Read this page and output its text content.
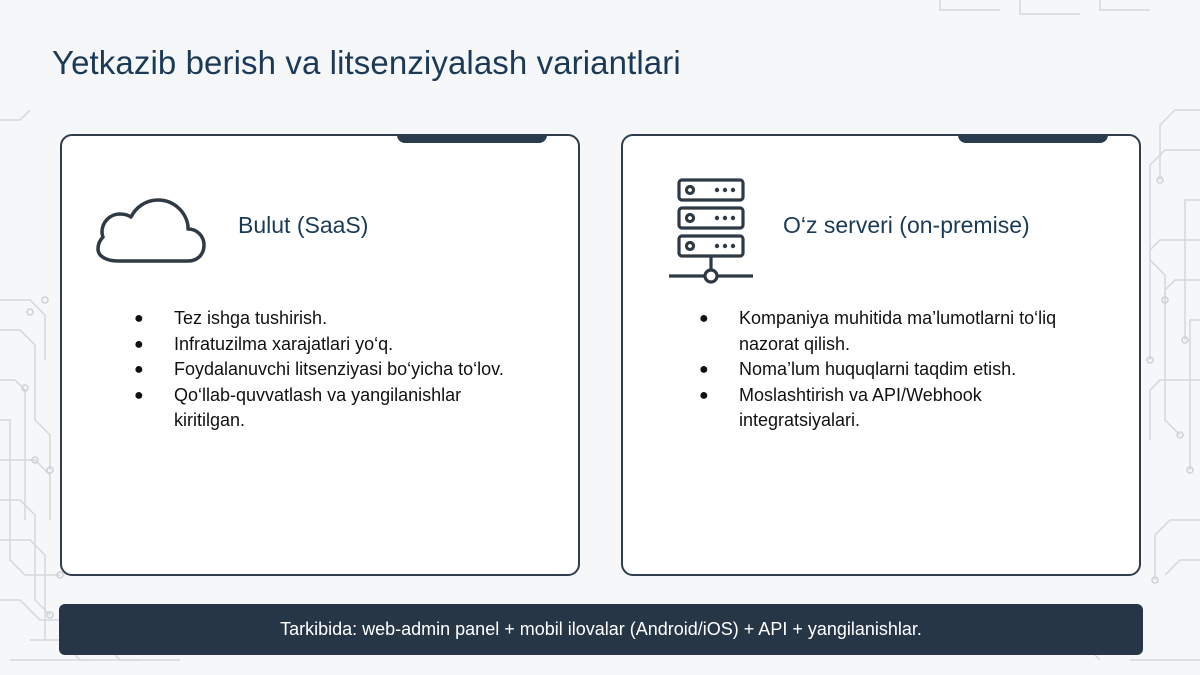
Yetkazib berish va litsenziyalash variantlari
Bulut (SaaS)
● Tez ishga tushirish.
● Infratuzilma xarajatlari yo‘q.
● Foydalanuvchi litsenziyasi bo‘yicha to‘lov.
● Qo‘llab-quvvatlash va yangilanishlar kiritilgan.
O‘z serveri (on-premise)
● Kompaniya muhitida ma’lumotlarni to‘liq nazorat qilish.
● Noma’lum huquqlarni taqdim etish.
● Moslashtirish va API/Webhook integratsiyalari.
Tarkibida: web-admin panel + mobil ilovalar (Android/iOS) + API + yangilanishlar.
